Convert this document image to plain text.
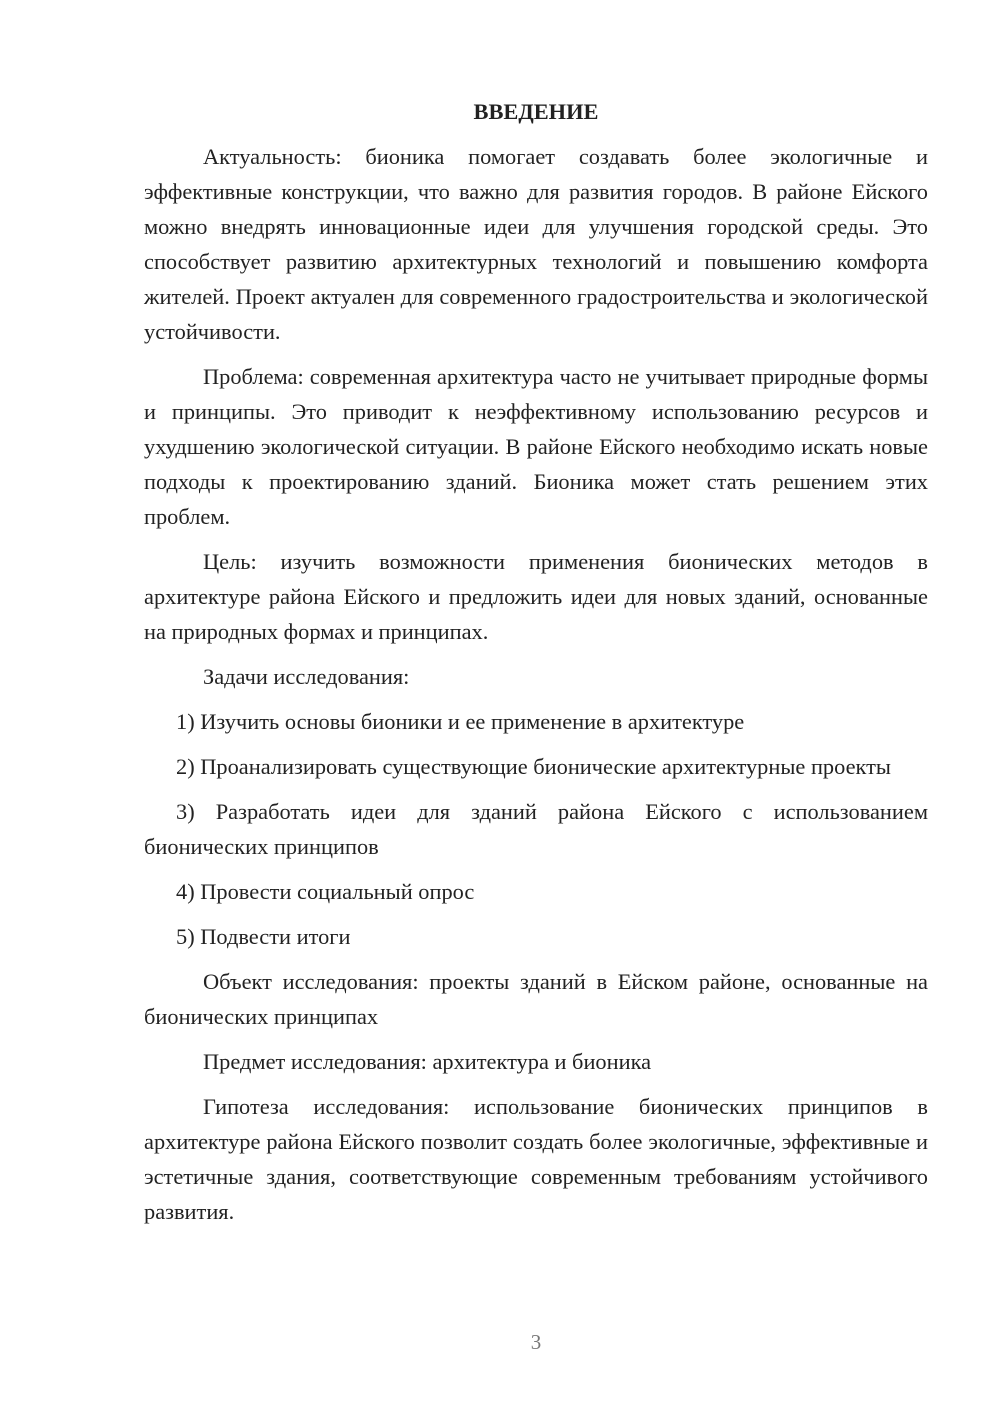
ВВЕДЕНИЕ

Актуальность: бионика помогает создавать более экологичные и эффективные конструкции, что важно для развития городов. В районе Ейского можно внедрять инновационные идеи для улучшения городской среды. Это способствует развитию архитектурных технологий и повышению комфорта жителей. Проект актуален для современного градостроительства и экологической устойчивости.

Проблема: современная архитектура часто не учитывает природные формы и принципы. Это приводит к неэффективному использованию ресурсов и ухудшению экологической ситуации. В районе Ейского необходимо искать новые подходы к проектированию зданий. Бионика может стать решением этих проблем.

Цель: изучить возможности применения бионических методов в архитектуре района Ейского и предложить идеи для новых зданий, основанные на природных формах и принципах.

Задачи исследования:

1) Изучить основы бионики и ее применение в архитектуре

2) Проанализировать существующие бионические архитектурные проекты

3) Разработать идеи для зданий района Ейского с использованием бионических принципов

4) Провести социальный опрос

5) Подвести итоги

Объект исследования: проекты зданий в Ейском районе, основанные на бионических принципах

Предмет исследования: архитектура и бионика

Гипотеза исследования: использование бионических принципов в архитектуре района Ейского позволит создать более экологичные, эффективные и эстетичные здания, соответствующие современным требованиям устойчивого развития.

3
